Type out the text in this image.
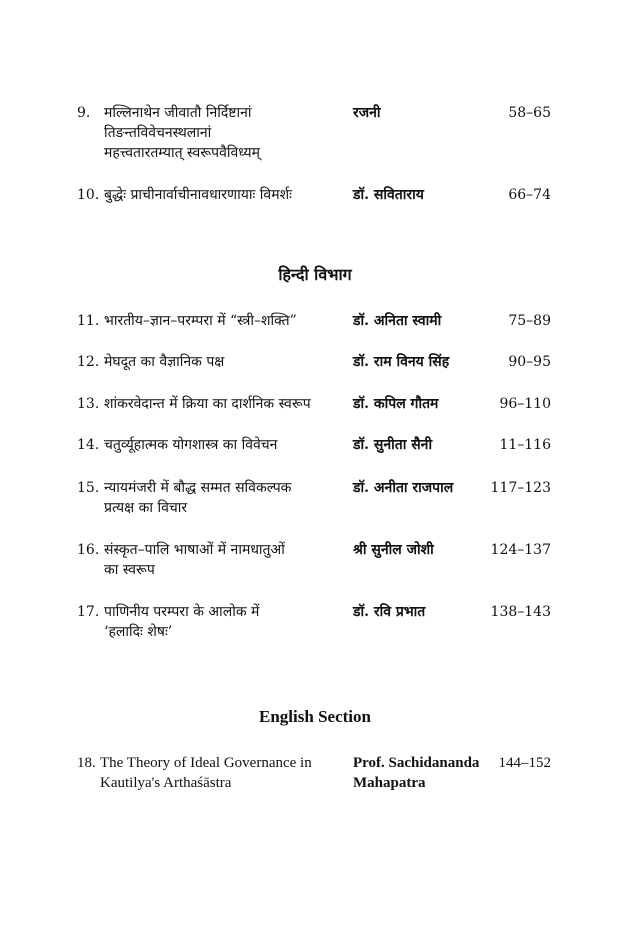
9. मल्लिनाथेन जीवातौ निर्दिष्टानां
तिङन्तविवेचनस्थलानां
महत्त्वतारतम्यात् स्वरूपवैविध्यम्
रजनी	58–65
10. बुद्धेः प्राचीनार्वाचीनावधारणायाः विमर्शः	डॉ. सविताराय	66–74
हिन्दी विभाग
11. भारतीय–ज्ञान–परम्परा में “स्त्री–शक्ति”	डॉ. अनिता स्वामी	75–89
12. मेघदूत का वैज्ञानिक पक्ष	डॉ. राम विनय सिंह	90–95
13. शांकरवेदान्त में क्रिया का दार्शनिक स्वरूप	डॉ. कपिल गौतम	96–110
14. चतुर्व्यूहात्मक योगशास्त्र का विवेचन	डॉ. सुनीता सैनी	11–116
15. न्यायमंजरी में बौद्ध सम्मत सविकल्पक
प्रत्यक्ष का विचार
डॉ. अनीता राजपाल	117–123
16. संस्कृत–पालि भाषाओं में नामधातुओं
का स्वरूप
श्री सुनील जोशी	124–137
17. पाणिनीय परम्परा के आलोक में
‘हलादिः शेषः’
डॉ. रवि प्रभात	138–143
English Section
18. The Theory of Ideal Governance in
Kautilya's Arthaśāstra
Prof. Sachidananda
Mahapatra
144–152
